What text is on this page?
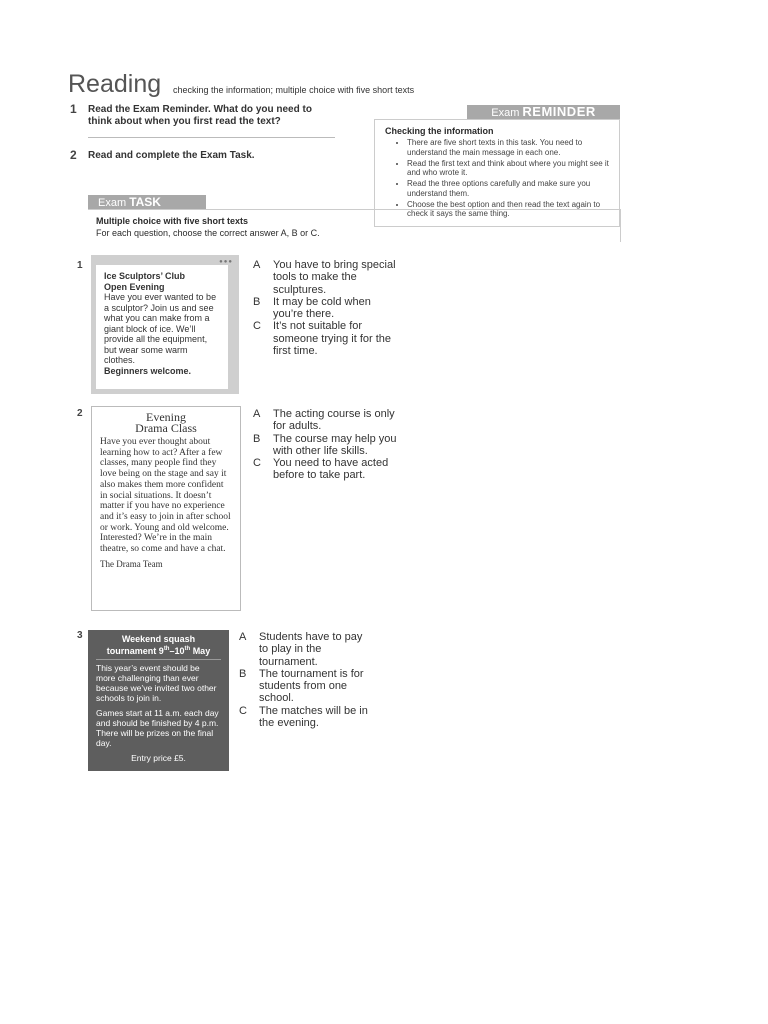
Reading checking the information; multiple choice with five short texts
1 Read the Exam Reminder. What do you need to
think about when you first read the text?
2 Read and complete the Exam Task.
Exam REMINDER
Checking the information
• There are five short texts in this task. You need to understand the main message in each one.
• Read the first text and think about where you might see it and who wrote it.
• Read the three options carefully and make sure you understand them.
• Choose the best option and then read the text again to check it says the same thing.
Exam TASK
Multiple choice with five short texts
For each question, choose the correct answer A, B or C.
1	●●●
Ice Sculptors’ Club
Open Evening
Have you ever wanted to be a sculptor? Join us and see what you can make from a giant block of ice. We’ll provide all the equipment, but wear some warm clothes.
Beginners welcome.
A	You have to bring special tools to make the sculptures.
B	It may be cold when you’re there.
C	It’s not suitable for someone trying it for the first time.
2	Evening
Drama Class
Have you ever thought about learning how to act? After a few classes, many people find they love being on the stage and say it also makes them more confident in social situations. It doesn’t matter if you have no experience and it’s easy to join in after school or work. Young and old welcome. Interested? We’re in the main theatre, so come and have a chat.
The Drama Team
A	The acting course is only for adults.
B	The course may help you with other life skills.
C	You need to have acted before to take part.
3	Weekend squash
tournament 9th–10th May
This year’s event should be more challenging than ever because we’ve invited two other schools to join in.
Games start at 11 a.m. each day and should be finished by 4 p.m. There will be prizes on the final day.
Entry price £5.
A	Students have to pay to play in the tournament.
B	The tournament is for students from one school.
C	The matches will be in the evening.
